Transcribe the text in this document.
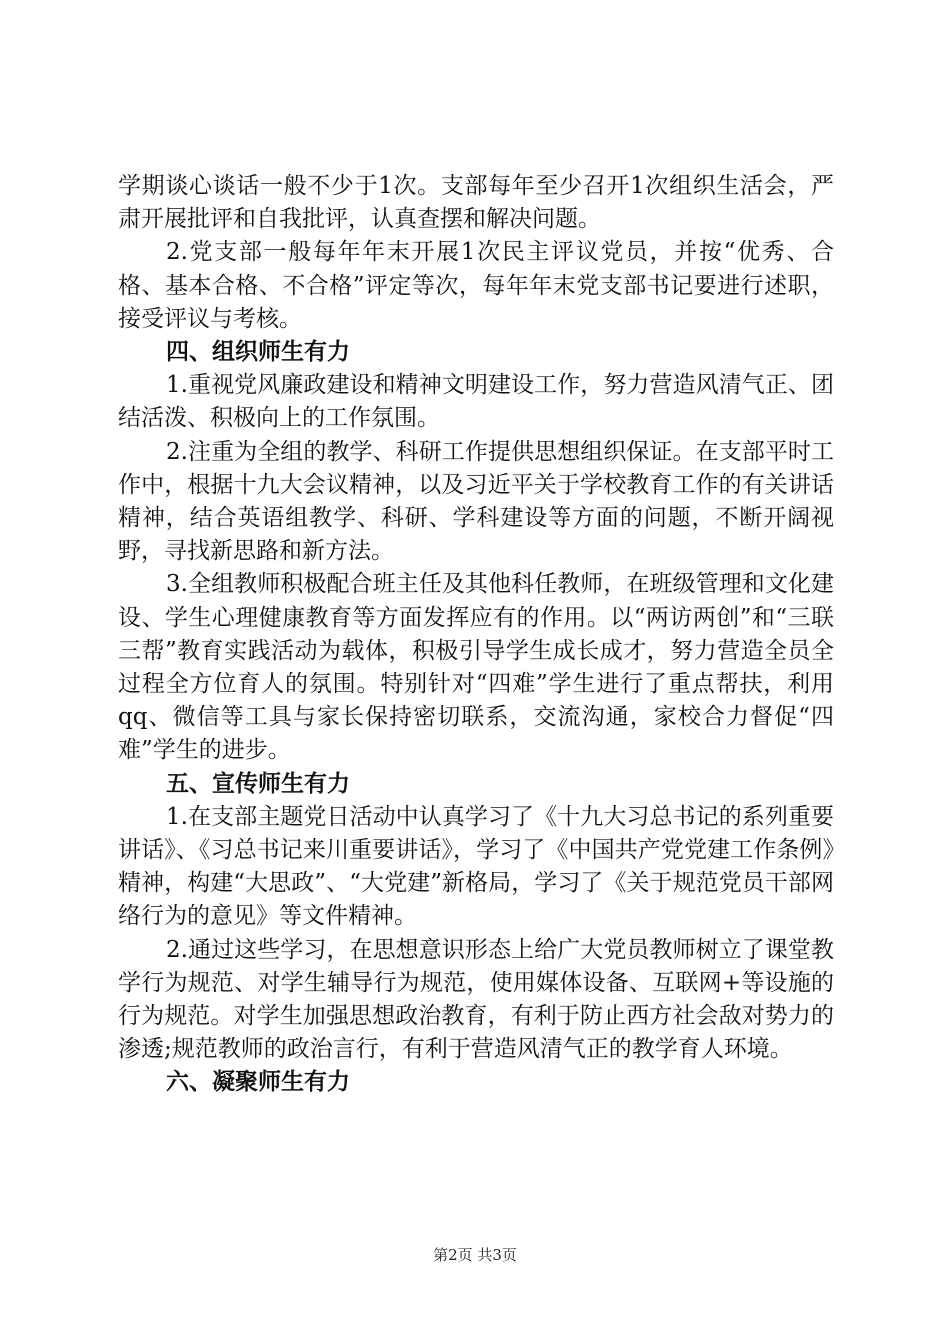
学期谈心谈话一般不少于1次。支部每年至少召开1次组织生活会，严肃开展批评和自我批评，认真查摆和解决问题。

2.党支部一般每年年末开展1次民主评议党员，并按“优秀、合格、基本合格、不合格”评定等次，每年年末党支部书记要进行述职，接受评议与考核。

四、组织师生有力

1.重视党风廉政建设和精神文明建设工作，努力营造风清气正、团结活泼、积极向上的工作氛围。

2.注重为全组的教学、科研工作提供思想组织保证。在支部平时工作中，根据十九大会议精神，以及习近平关于学校教育工作的有关讲话精神，结合英语组教学、科研、学科建设等方面的问题，不断开阔视野，寻找新思路和新方法。

3.全组教师积极配合班主任及其他科任教师，在班级管理和文化建设、学生心理健康教育等方面发挥应有的作用。以“两访两创”和“三联三帮”教育实践活动为载体，积极引导学生成长成才，努力营造全员全过程全方位育人的氛围。特别针对“四难”学生进行了重点帮扶，利用qq、微信等工具与家长保持密切联系，交流沟通，家校合力督促“四难”学生的进步。

五、宣传师生有力

1.在支部主题党日活动中认真学习了《十九大习总书记的系列重要讲话》、《习总书记来川重要讲话》，学习了《中国共产党党建工作条例》精神，构建“大思政”、“大党建”新格局，学习了《关于规范党员干部网络行为的意见》等文件精神。

2.通过这些学习，在思想意识形态上给广大党员教师树立了课堂教学行为规范、对学生辅导行为规范，使用媒体设备、互联网+等设施的行为规范。对学生加强思想政治教育，有利于防止西方社会敌对势力的渗透;规范教师的政治言行，有利于营造风清气正的教学育人环境。

六、凝聚师生有力
第2页 共3页
